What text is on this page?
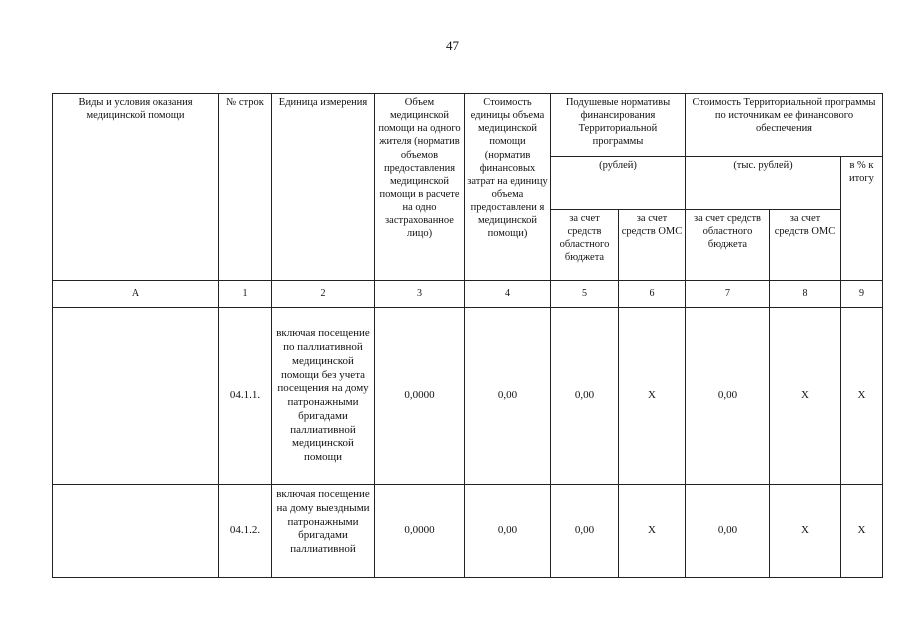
47
Виды и условия оказания медицинской помощи	№ строк	Единица измерения	Объем медицинской помощи на одного жителя (норматив объемов предоставления медицинской помощи в расчете на одно застрахованное лицо)	Стоимость единицы объема медицинской помощи (норматив финансовых затрат на единицу объема предоставлени я медицинской помощи)	Подушевые нормативы финансирования Территориальной программы		Стоимость Территориальной программы по источникам ее финансового обеспечения		
					(рублей)		(тыс. рублей)		в % к итогу
					за счет средств областного бюджета	за счет средств ОМС	за счет средств областного бюджета	за счет средств ОМС	
А	1	2	3	4	5	6	7	8	9
	04.1.1.	включая посещение по паллиативной медицинской помощи без учета посещения на дому патронажными бригадами паллиативной медицинской помощи	0,0000	0,00	0,00	X	0,00	X	X
	04.1.2.	включая посещение на дому выездными патронажными бригадами паллиативной	0,0000	0,00	0,00	X	0,00	X	X
